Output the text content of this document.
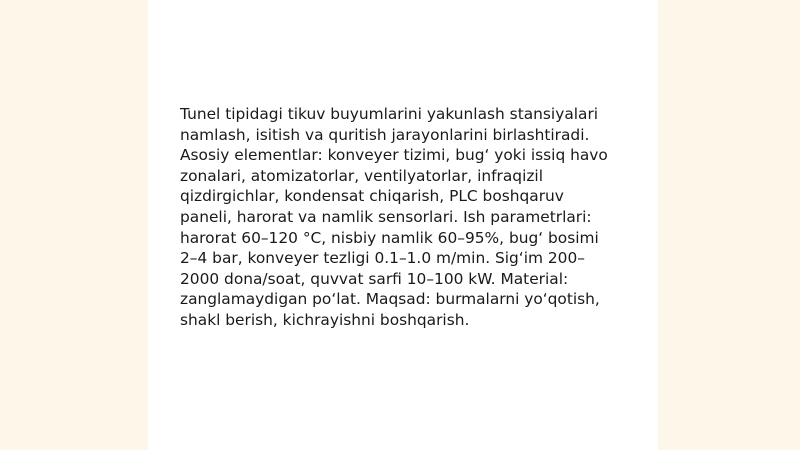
Tunel tipidagi tikuv buyumlarini yakunlash stansiyalari namlash, isitish va quritish jarayonlarini birlashtiradi. Asosiy elementlar: konveyer tizimi, bug‘ yoki issiq havo zonalari, atomizatorlar, ventilyatorlar, infraqizil qizdirgichlar, kondensat chiqarish, PLC boshqaruv paneli, harorat va namlik sensorlari. Ish parametrlari: harorat 60–120 °C, nisbiy namlik 60–95%, bug‘ bosimi 2–4 bar, konveyer tezligi 0.1–1.0 m/min. Sig‘im 200–2000 dona/soat, quvvat sarfi 10–100 kW. Material: zanglamaydigan po‘lat. Maqsad: burmalarni yo‘qotish, shakl berish, kichrayishni boshqarish.
